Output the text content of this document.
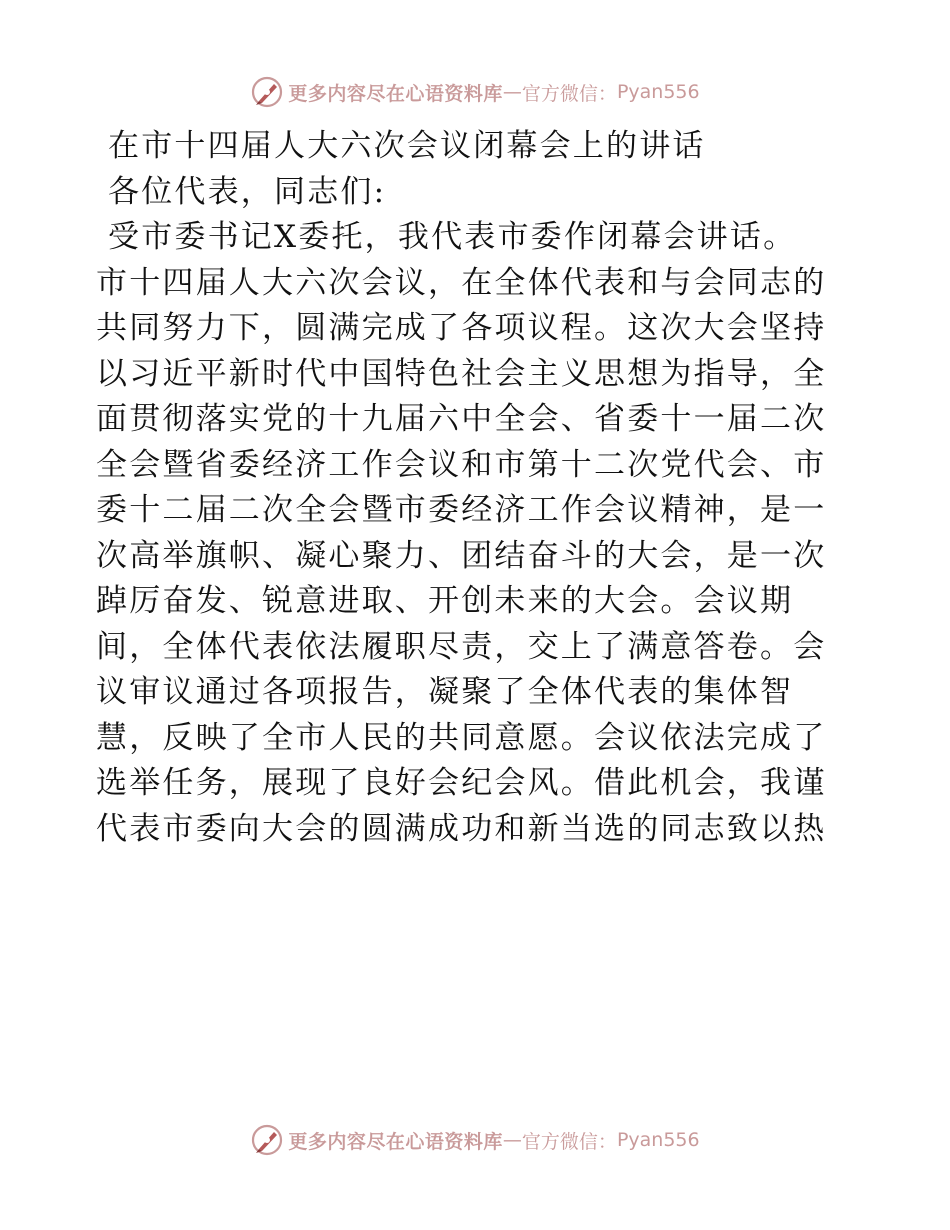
更多内容尽在心语资料库 — 官方微信： Pyan556
在市十四届人大六次会议闭幕会上的讲话
各位代表，同志们:
受市委书记X委托，我代表市委作闭幕会讲话。
市十四届人大六次会议，在全体代表和与会同志的
共同努力下，圆满完成了各项议程。这次大会坚持
以习近平新时代中国特色社会主义思想为指导，全
面贯彻落实党的十九届六中全会、省委十一届二次
全会暨省委经济工作会议和市第十二次党代会、市
委十二届二次全会暨市委经济工作会议精神，是一
次高举旗帜、凝心聚力、团结奋斗的大会，是一次
踔厉奋发、锐意进取、开创未来的大会。会议期
间，全体代表依法履职尽责，交上了满意答卷。会
议审议通过各项报告，凝聚了全体代表的集体智
慧，反映了全市人民的共同意愿。会议依法完成了
选举任务，展现了良好会纪会风。借此机会，我谨
代表市委向大会的圆满成功和新当选的同志致以热
更多内容尽在心语资料库 — 官方微信： Pyan556
